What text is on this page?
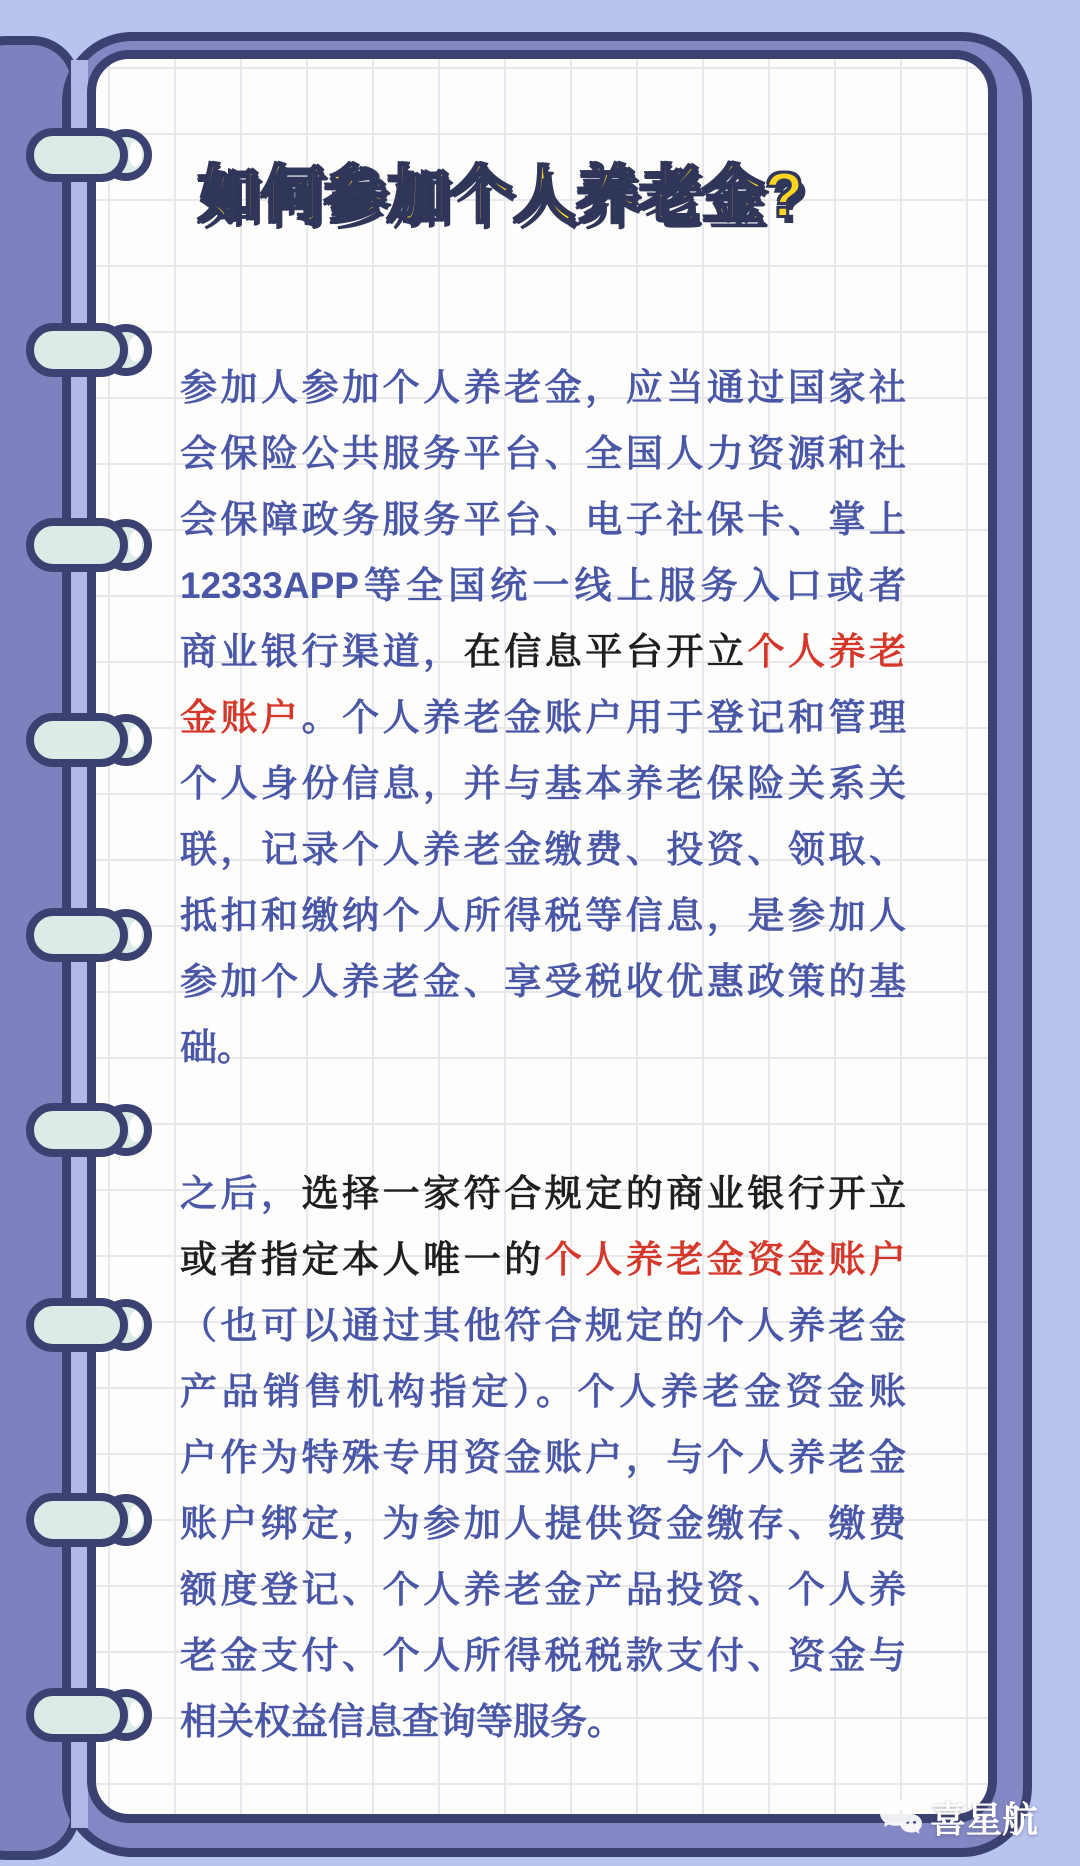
如何参加个人养老金?
参加人参加个人养老金，应当通过国家社
会保险公共服务平台、全国人力资源和社
会保障政务服务平台、电子社保卡、掌上
12333APP等全国统一线上服务入口或者
商业银行渠道，在信息平台开立个人养老
金账户。个人养老金账户用于登记和管理
个人身份信息，并与基本养老保险关系关
联，记录个人养老金缴费、投资、领取、
抵扣和缴纳个人所得税等信息，是参加人
参加个人养老金、享受税收优惠政策的基
础。
之后，选择一家符合规定的商业银行开立
或者指定本人唯一的个人养老金资金账户
（也可以通过其他符合规定的个人养老金
产品销售机构指定）。个人养老金资金账
户作为特殊专用资金账户，与个人养老金
账户绑定，为参加人提供资金缴存、缴费
额度登记、个人养老金产品投资、个人养
老金支付、个人所得税税款支付、资金与
相关权益信息查询等服务。
喜星航
